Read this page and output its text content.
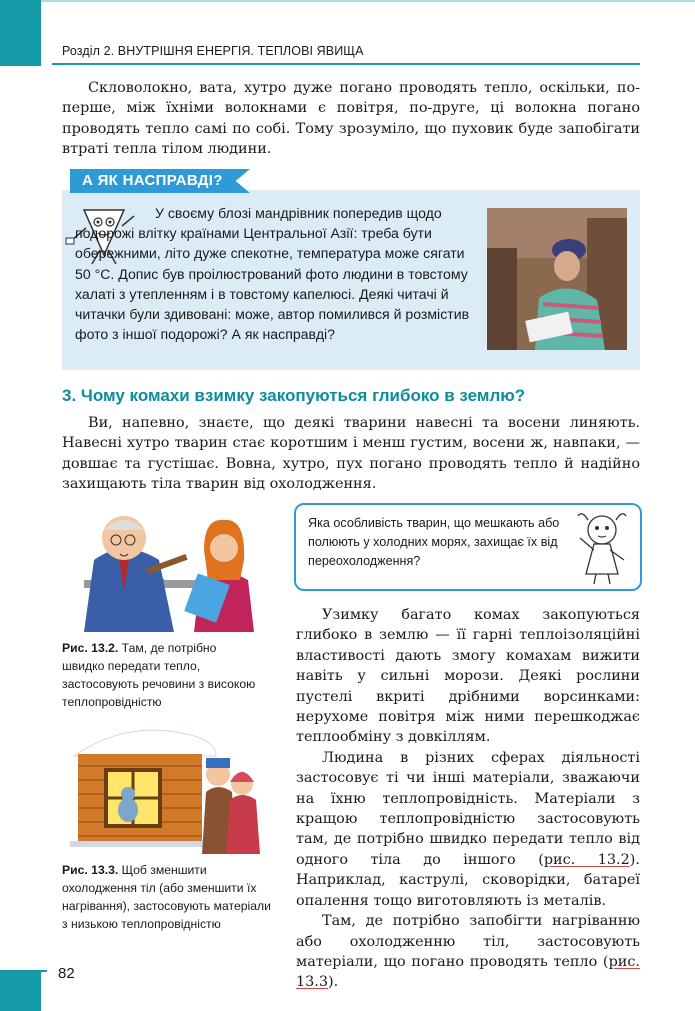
Розділ 2. ВНУТРІШНЯ ЕНЕРГІЯ. ТЕПЛОВІ ЯВИЩА

Скловолокно, вата, хутро дуже погано проводять тепло, оскільки, по-перше, між їхніми волокнами є повітря, по-друге, ці волокна погано проводять тепло самі по собі. Тому зрозуміло, що пуховик буде запобігати втраті тепла тілом людини.

А ЯК НАСПРАВДІ?
У своєму блозі мандрівник попередив щодо подорожі влітку країнами Центральної Азії: треба бути обережними, літо дуже спекотне, температура може сягати 50 °С. Допис був проілюстрований фото людини в товстому халаті з утепленням і в товстому капелюсі. Деякі читачі й читачки були здивовані: може, автор помилився й розмістив фото з іншої подорожі? А як насправді?
3. Чому комахи взимку закопуються глибоко в землю?

Ви, напевно, знаєте, що деякі тварини навесні та восени линяють. Навесні хутро тварин стає коротшим і менш густим, восени ж, навпаки, — довшає та густішає. Вовна, хутро, пух погано проводять тепло й надійно захищають тіла тварин від охолодження.

Рис. 13.2. Там, де потрібно швидко передати тепло, застосовують речовини з високою теплопровідністю
Рис. 13.3. Щоб зменшити охолодження тіл (або зменшити їх нагрівання), застосовують матеріали з низькою теплопровідністю
Яка особливість тварин, що мешкають або полюють у холодних морях, захищає їх від переохолодження?

Узимку багато комах закопуються глибоко в землю — її гарні теплоізоляційні властивості дають змогу комахам вижити навіть у сильні морози. Деякі рослини пустелі вкриті дрібними ворсинками: нерухоме повітря між ними перешкоджає теплообміну з довкіллям.

Людина в різних сферах діяльності застосовує ті чи інші матеріали, зважаючи на їхню теплопровідність. Матеріали з кращою теплопровідністю застосовують там, де потрібно швидко передати тепло від одного тіла до іншого (рис. 13.2). Наприклад, каструлі, сковорідки, батареї опалення тощо виготовляють із металів.

Там, де потрібно запобігти нагріванню або охолодженню тіл, застосовують матеріали, що погано проводять тепло (рис. 13.3).

82
